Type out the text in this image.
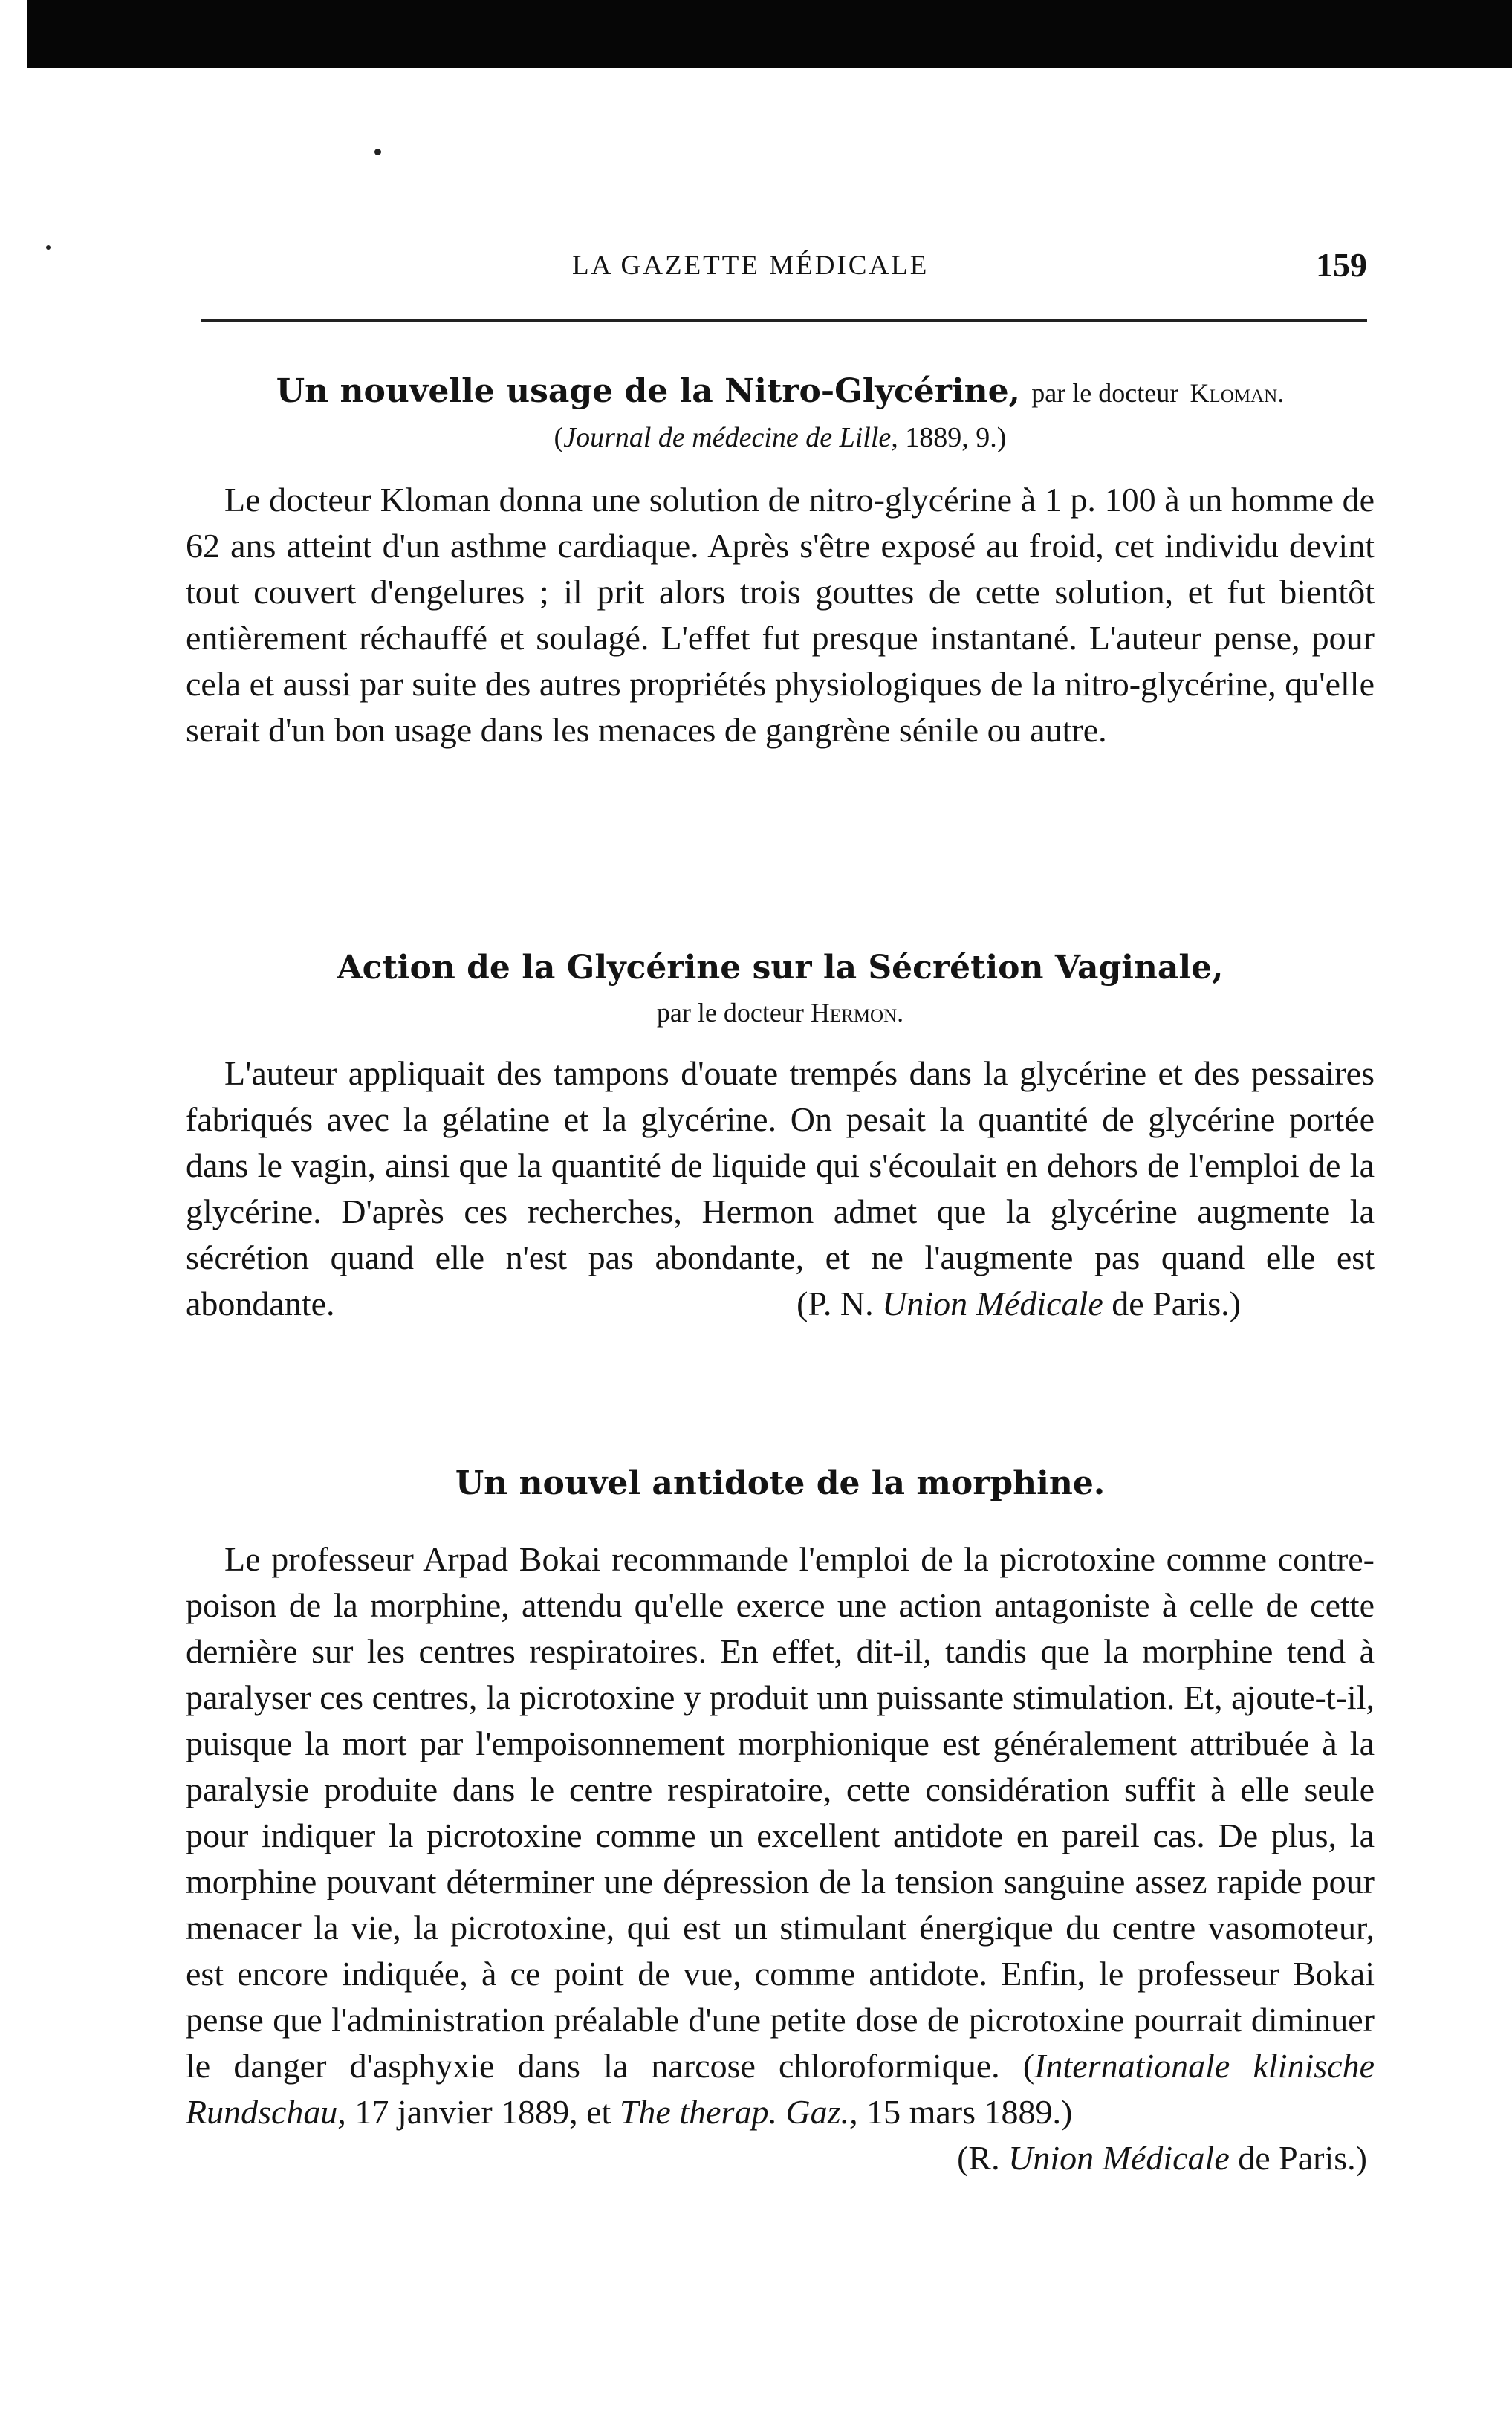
LA GAZETTE MÉDICALE	159
Un nouvelle usage de la Nitro-Glycérine, par le docteur Kloman.
(Journal de médecine de Lille, 1889, 9.)

Le docteur Kloman donna une solution de nitro-glycérine à 1 p. 100 à un homme de 62 ans atteint d'un asthme cardiaque. Après s'être exposé au froid, cet individu devint tout couvert d'engelures ; il prit alors trois gouttes de cette solution, et fut bientôt entièrement réchauffé et soulagé. L'effet fut presque instantané. L'auteur pense, pour cela et aussi par suite des autres propriétés physiologiques de la nitro-glycérine, qu'elle serait d'un bon usage dans les menaces de gangrène sénile ou autre.

Action de la Glycérine sur la Sécrétion Vaginale,
par le docteur Hermon.

L'auteur appliquait des tampons d'ouate trempés dans la glycérine et des pessaires fabriqués avec la gélatine et la glycérine. On pesait la quantité de glycérine portée dans le vagin, ainsi que la quantité de liquide qui s'écoulait en dehors de l'emploi de la glycérine. D'après ces recherches, Hermon admet que la glycérine augmente la sécrétion quand elle n'est pas abondante, et ne l'augmente pas quand elle est abondante.	(P. N. Union Médicale de Paris.)
Un nouvel antidote de la morphine.

Le professeur Arpad Bokai recommande l'emploi de la picrotoxine comme contre-poison de la morphine, attendu qu'elle exerce une action antagoniste à celle de cette dernière sur les centres respiratoires. En effet, dit-il, tandis que la morphine tend à paralyser ces centres, la picrotoxine y produit unn puissante stimulation. Et, ajoute-t-il, puisque la mort par l'empoisonnement morphionique est généralement attribuée à la paralysie produite dans le centre respiratoire, cette considération suffit à elle seule pour indiquer la picrotoxine comme un excellent antidote en pareil cas. De plus, la morphine pouvant déterminer une dépression de la tension sanguine assez rapide pour menacer la vie, la picrotoxine, qui est un stimulant énergique du centre vasomoteur, est encore indiquée, à ce point de vue, comme antidote. Enfin, le professeur Bokai pense que l'administration préalable d'une petite dose de picrotoxine pourrait diminuer le danger d'asphyxie dans la narcose chloroformique. (Internationale klinische Rundschau, 17 janvier 1889, et The therap. Gaz., 15 mars 1889.)

(R. Union Médicale de Paris.)
